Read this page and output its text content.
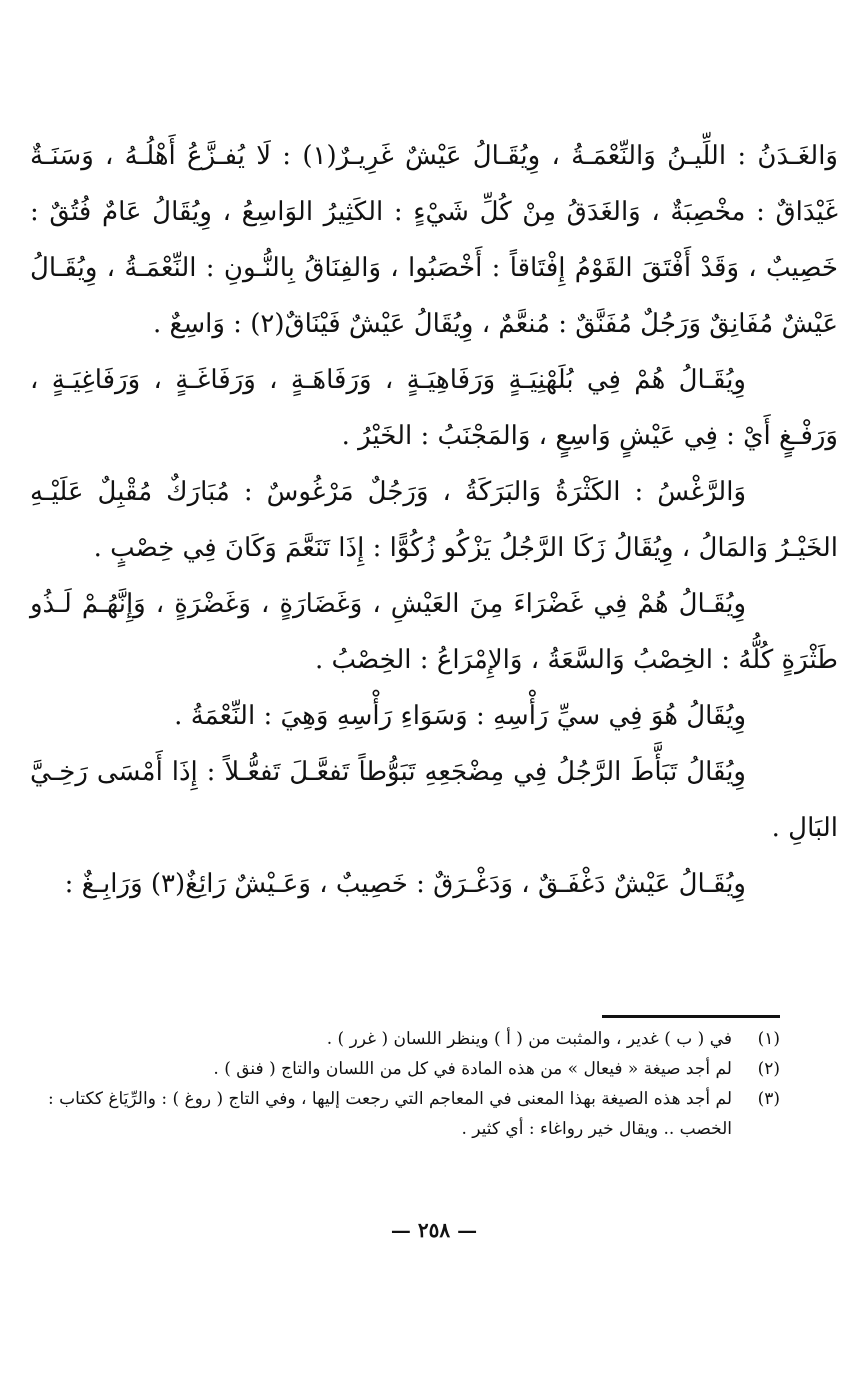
وَالغَـدَنُ : اللِّيـنُ وَالنِّعْمَـةُ ، وِيُقَـالُ عَيْشٌ غَرِيـرٌ(١) : لَا يُفـزَّعُ أَهْلُـهُ ، وَسَنَـةٌ غَيْدَاقٌ : مخْصِبَةٌ ، وَالغَدَقُ مِنْ كُلِّ شَيْءٍ : الكَثِيرُ الوَاسِعُ ، وِيُقَالُ عَامٌ فُتُقٌ : خَصِيبٌ ، وَقَدْ أَفْتَقَ القَوْمُ إِفْتَاقاً : أَخْصَبُوا ، وَالفِنَاقُ بِالنُّـونِ : النِّعْمَـةُ ، وِيُقَـالُ عَيْشٌ مُفَانِقٌ وَرَجُلٌ مُفَنَّقٌ : مُنعَّمٌ ، وِيُقَالُ عَيْشٌ فَيْنَاقٌ(٢) : وَاسِعٌ .

وِيُقَـالُ هُمْ فِي بُلَهْنِيَـةٍ وَرَفَاهِيَـةٍ ، وَرَفَاهَـةٍ ، وَرَفَاغَـةٍ ، وَرَفَاغِيَـةٍ ، وَرَفْـغٍ أَيْ : فِي عَيْشٍ وَاسِعٍ ، وَالمَجْنَبُ : الخَيْرُ .

وَالرَّغْسُ : الكَثْرَةُ وَالبَرَكَةُ ، وَرَجُلٌ مَرْغُوسٌ : مُبَارَكٌ مُقْبِلٌ عَلَيْـهِ الخَيْـرُ وَالمَالُ ، وِيُقَالُ زَكَا الرَّجُلُ يَزْكُو زُكُوًّا : إِذَا تَنَعَّمَ وَكَانَ فِي خِصْبٍ .

وِيُقَـالُ هُمْ فِي غَضْرَاءَ مِنَ العَيْشِ ، وَغَضَارَةٍ ، وَغَضْرَةٍ ، وَإِنَّهُـمْ لَـذُو طَثْرَةٍ كُلُّهُ : الخِصْبُ وَالسَّعَةُ ، وَالإِمْرَاعُ : الخِصْبُ .

وِيُقَالُ هُوَ فِي سيِّ رَأْسِهِ : وَسَوَاءِ رَأْسِهِ وَهِيَ : النِّعْمَةُ .

وِيُقَالُ تَبَأَّطَ الرَّجُلُ فِي مِضْجَعِهِ تَبَوُّطاً تَفعَّـلَ تَفعُّـلاً : إِذَا أَمْسَى رَخِـيَّ البَالِ .

وِيُقَـالُ عَيْشٌ دَغْفَـقٌ ، وَدَغْـرَقٌ : خَصِيبٌ ، وَعَـيْشٌ رَائِغٌ(٣) وَرَابِـغٌ :

(١)
في ( ب ) غدير ، والمثبت من ( أ ) وينظر اللسان ( غرر ) .
(٢)
لم أجد صيغة « فيعال » من هذه المادة في كل من اللسان والتاج ( فنق ) .
(٣)
لم أجد هذه الصيغة بهذا المعنى في المعاجم التي رجعت إليها ، وفي التاج ( روغ ) : والرِّيَاغ ككتاب : الخصب .. ويقال خير رواغاء : أي كثير .
— ٢٥٨ —
